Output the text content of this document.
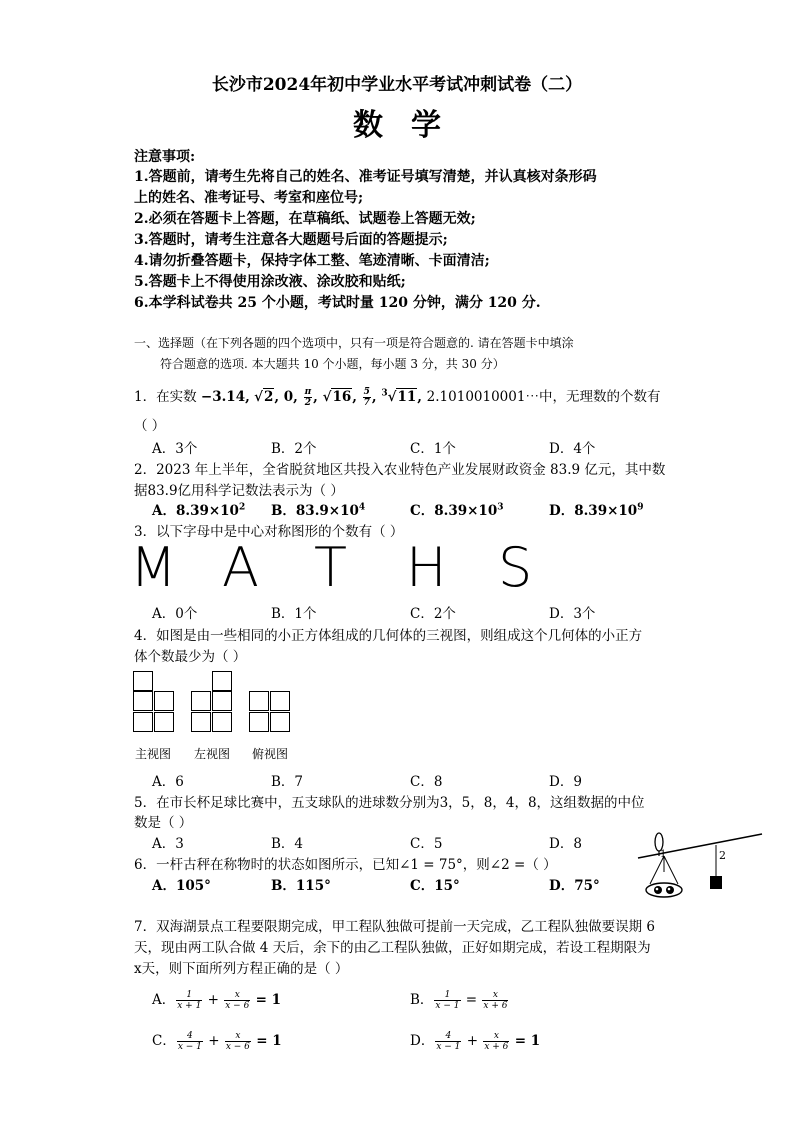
长沙市2024年初中学业水平考试冲刺试卷（二）
数学
注意事项:
1.答题前，请考生先将自己的姓名、准考证号填写清楚，并认真核对条形码
上的姓名、准考证号、考室和座位号;
2.必须在答题卡上答题，在草稿纸、试题卷上答题无效;
3.答题时，请考生注意各大题题号后面的答题提示;
4.请勿折叠答题卡，保持字体工整、笔迹清晰、卡面清洁;
5.答题卡上不得使用涂改液、涂改胶和贴纸;
6.本学科试卷共 25 个小题，考试时量 120 分钟，满分 120 分.
一、选择题（在下列各题的四个选项中，只有一项是符合题意的. 请在答题卡中填涂
符合题意的选项. 本大题共 10 个小题，每小题 3 分，共 30 分）
1．在实数 −3.14, √2, 0, $\frac{\pi}{2}$ , √16, $\frac{5}{7}$ , $^3$√11, 2.1010010001⋯中，无理数的个数有
（ ）
A．3个	B．2个	C．1个	D．4个
2．2023 年上半年，全省脱贫地区共投入农业特色产业发展财政资金 83.9 亿元，其中数
据83.9亿用科学记数法表示为（ ）
A．$8.39\times 10^2$ B．$83.9\times 10^4$	C．$8.39\times 10^3$	D．$8.39\times 10^9$
3．以下字母中是中心对称图形的个数有（ ）
M A T H S
A．0个	B．1个	C．2个	D．3个
4．如图是由一些相同的小正方体组成的几何体的三视图，则组成这个几何体的小正方
体个数最少为（ ）
主视图 左视图 俯视图
A．6	B．7	C．8	D．9
5．在市长杯足球比赛中，五支球队的进球数分别为3，5，8，4，8，这组数据的中位
数是（ ）
A．3	B．4	C．5	D．8
6．一杆古秤在称物时的状态如图所示，已知∠1 = 75°，则∠2 =（ ）
A．105°	B．115°	C．15°	D．75°
1	2
7．双海湖景点工程要限期完成，甲工程队独做可提前一天完成，乙工程队独做要误期 6
天，现由两工队合做 4 天后，余下的由乙工程队独做，正好如期完成，若设工程期限为
x天，则下面所列方程正确的是（ ）
A． $\frac{1}{x + 1} + \frac{x}{x - 6} = 1$	B． $\frac{1}{x - 1} = \frac{x}{x + 6}$
C． $\frac{4}{x - 1} + \frac{x}{x - 6} = 1$	D． $\frac{4}{x - 1} + \frac{x}{x + 6} = 1$
